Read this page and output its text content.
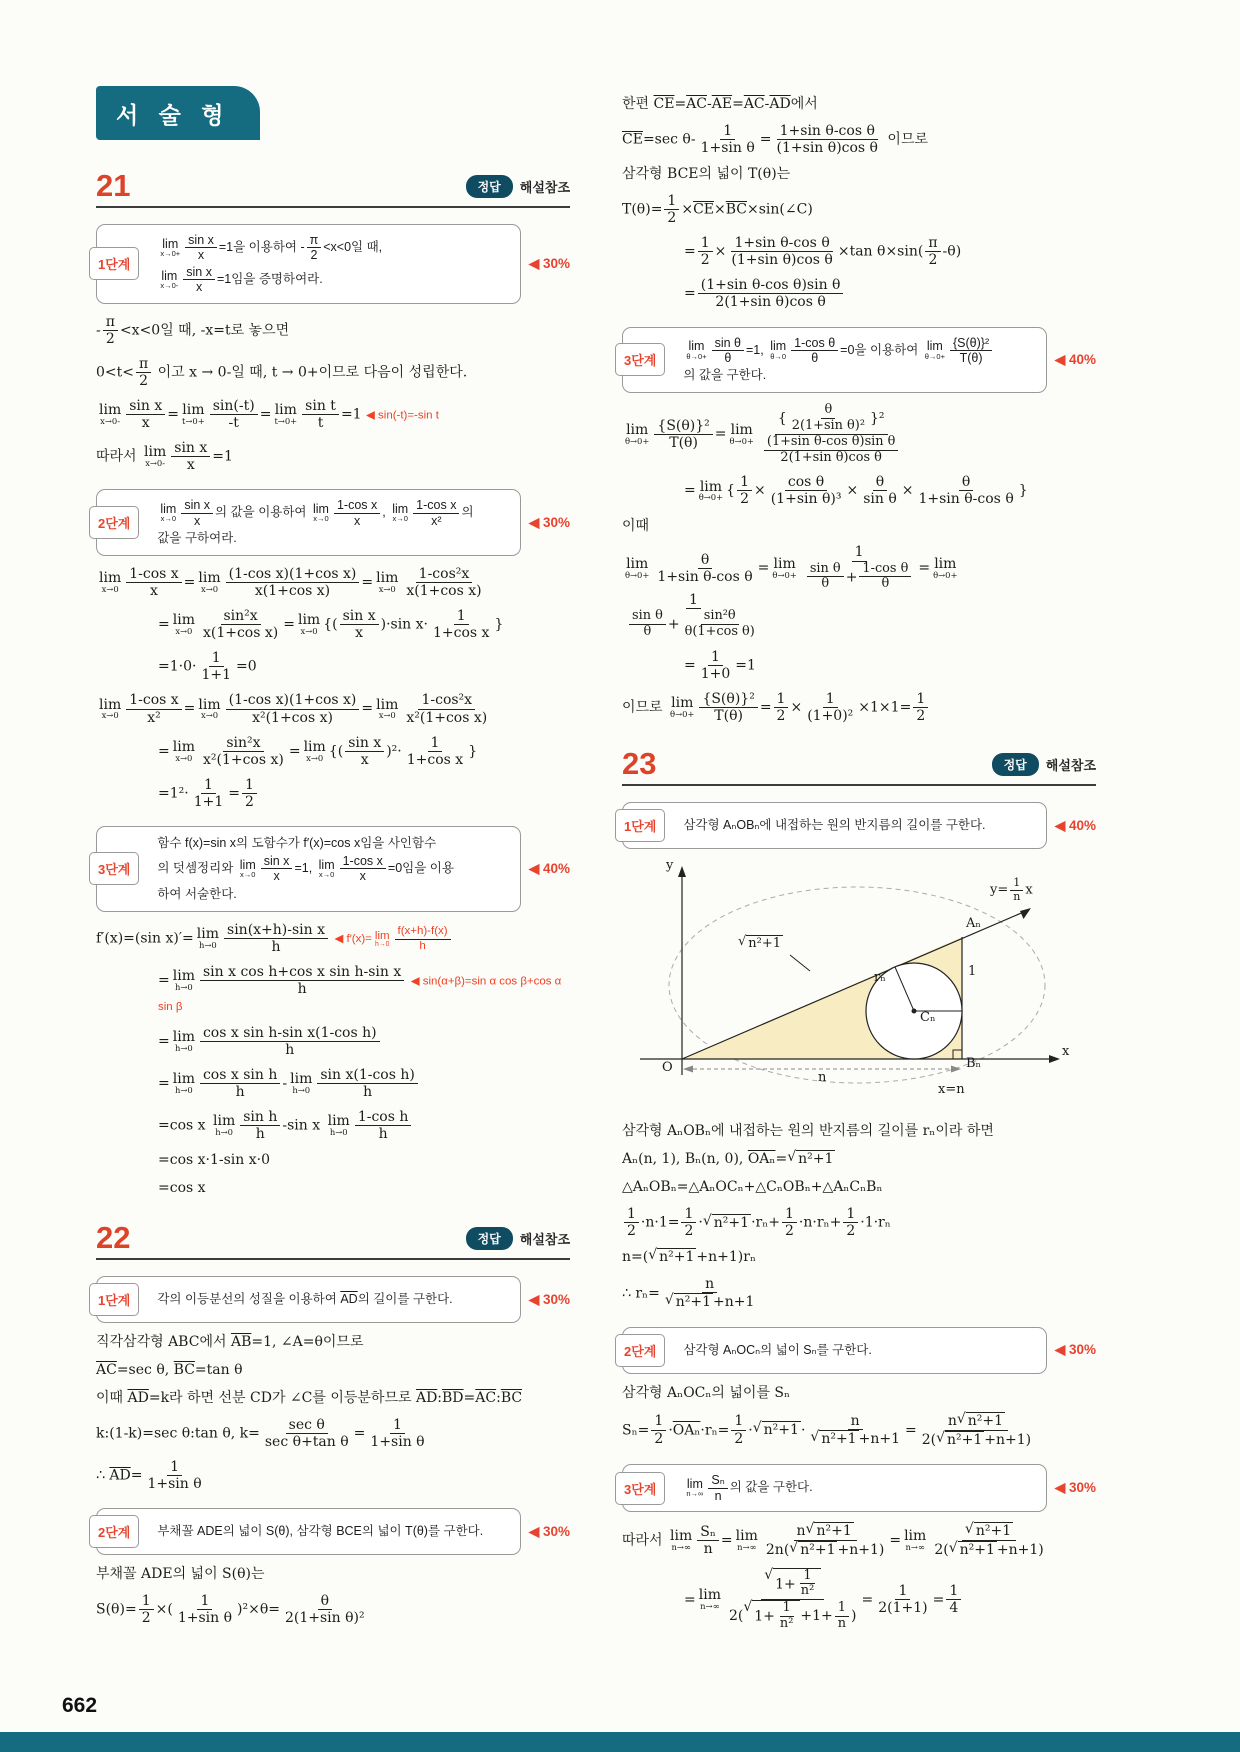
서 술 형
21	정답	해설참조
1단계
lim
$x\to 0+ \frac{\text{sin x}}{x} =1$을 이용하여 - $\frac{\pi}{2} <x<0$일 때,
lim
$x\to 0- \frac{\text{sin x}}{x} =1$임을 증명하여라.
◀ 30%
- $\frac{\pi}{2} <x<0$일 때, -x=t로 놓으면
$0<t< \frac{\pi}{2}$ 이고 x → 0-일 때, t → 0+이므로 다음이 성립한다.
lim
$x\to 0- \frac{\text{sin x}}{x} = \lim$
$t\to 0+ \frac{\sin(-t)}{-t} = \lim$
$t\to 0+ \frac{\text{sin t}}{t} =1$ ◀ sin(-t)=-sin t
따라서 lim
$x\to 0- \frac{\text{sin x}}{x} =1$
2단계
lim
$x\to 0 \frac{\text{sin x}}{x}$ 의 값을 이용하여 lim
$x\to 0 \frac{\text{1-cos x}}{x}$ , lim
$x\to 0 \frac{\text{1-cos x}}{\text{x²}}$ 의
값을 구하여라.
◀ 30%
lim
$x\to 0 \frac{\text{1-cos x}}{x} = \lim$
$x\to 0 \frac{\text{(1-cos x)(1+cos x)}}{\text{x(1+cos x)}} = \lim$
$x\to 0 \frac{\text{1-cos²x}}{\text{x(1+cos x)}}$
= lim
$x\to 0 \frac{\text{sin²x}}{\text{x(1+cos x)}} = \lim$
x→0 {( $\frac{\text{sin x}}{x} )\cdot\sin$ $x\cdot \frac{1}{\text{1+cos x}}$ }
$=1\cdot 0\cdot \frac{1}{1+1} =0$
lim
$x\to 0 \frac{\text{1-cos x}}{\text{x²}} = \lim$
$x\to 0 \frac{\text{(1-cos x)(1+cos x)}}{\text{x²(1+cos x)}} = \lim$
$x\to 0 \frac{\text{1-cos²x}}{\text{x²(1+cos x)}}$
= lim
$x\to 0 \frac{\text{sin²x}}{\text{x²(1+cos x)}} = \lim$
x→0 {( $\frac{\text{sin x}}{x} )^2\cdot \frac{1}{\text{1+cos x}}$ }
$=1^2\cdot \frac{1}{1+1} = \frac{1}{2}$
3단계
함수 f(x)=sin x의 도함수가 f′(x)=cos x임을 사인함수
의 덧셈정리와 lim
$x\to 0 \frac{\text{sin x}}{x} =1$, lim
$x\to 0 \frac{\text{1-cos x}}{x} =0$임을 이용
하여 서술한다.
◀ 40%
f′(x)=(sin x)′= lim
$h\to 0 \frac{\text{sin(x+h)-sin x}}{h}$ ◀ f′(x)= lim
$h\to 0 \frac{f(x+h)-f(x)}{h}$
= lim
$h\to 0 \frac{\text{sin x cos h+cos x sin h-sin x}}{h}$ ◀ sin(α+β)=sin α cos β+cos α sin β
= lim
$h\to 0 \frac{\text{cos x sin h-sin x(1-cos h)}}{h}$
= lim
$h\to 0 \frac{\text{cos x sin h}}{h} - \lim$
$h\to 0 \frac{\text{sin x(1-cos h)}}{h}$
=cos x lim
$h\to 0 \frac{\text{sin h}}{h} -\sin$ x lim
$h\to 0 \frac{\text{1-cos h}}{h}$
=cos x·1-sin x·0
=cos x
22	정답	해설참조
1단계	각의 이등분선의 성질을 이용하여 $\overline{AD}$의 길이를 구한다.	◀ 30%
직각삼각형 ABC에서 $\overline{AB}=1$, ∠A=θ이므로
$\overline{AC}=\sec$ θ, $\overline{BC}=\tan$ θ
이때 $\overline{AD}=k$라 하면 선분 CD가 ∠C를 이등분하므로 $\overline{AD}:\overline{BD}=\overline{AC}:\overline{BC}$
k:(1-k)=sec θ:tan θ, $k= \frac{\text{sec θ}}{\text{sec θ+tan θ}} = \frac{1}{\text{1+sin θ}}$
∴ $\overline{AD}= \frac{1}{\text{1+sin θ}}$
2단계	부채꼴 ADE의 넓이 S(θ), 삼각형 BCE의 넓이 T(θ)를 구한다.	◀ 30%
부채꼴 ADE의 넓이 S(θ)는
$S(\theta)= \frac{1}{2}$ ×( $\frac{1}{\text{1+sin θ}} )^2\times\theta= \frac{\theta}{\text{2(1+sin θ)²}}$
한편 $\overline{CE}=\overline{AC}-\overline{AE}=\overline{AC}-\overline{AD}$에서
$\overline{CE}=\sec$ $\theta- \frac{1}{\text{1+sin θ}} = \frac{\text{1+sin θ-cos θ}}{\text{(1+sin θ)cos θ}}$ 이므로
삼각형 BCE의 넓이 T(θ)는
$T(\theta)= \frac{1}{2}$ $\times\overline{CE}\times\overline{BC}\times\sin(\angle C)$
= $\frac{1}{2} \times \frac{\text{1+sin θ-cos θ}}{\text{(1+sin θ)cos θ}} \times\tan$ $\theta\times\sin( \frac{\pi}{2} -\theta)$
= $\frac{\text{(1+sin θ-cos θ)sin θ}}{\text{2(1+sin θ)cos θ}}$
3단계
lim
$\theta\to 0+ \frac{\text{sin θ}}{\theta} =1$, lim
$\theta\to 0 \frac{\text{1-cos θ}}{\theta} =0$을 이용하여 lim
$\theta\to 0+ \frac{\text{\{S(θ)\}²}}{T(\theta)}$
의 값을 구한다.
◀ 40%
lim
$\theta\to 0+ \frac{\text{\{S(θ)\}²}}{T(\theta)} = \lim$
$\theta\to 0+ \frac{\{ \frac{\theta}{\text{2(1+sin θ)²}} \}^2}{\frac{\text{(1+sin θ-cos θ)sin θ}}{\text{2(1+sin θ)cos θ}}}$
= lim
θ→0+ { $\frac{1}{2} \times \frac{\text{cos θ}}{\text{(1+sin θ)³}} \times \frac{\theta}{\text{sin θ}} \times \frac{\theta}{\text{1+sin θ-cos θ}}$ }
이때
lim
$\theta\to 0+ \frac{\theta}{\text{1+sin θ-cos θ}} = \lim$
$\theta\to 0+ \frac{1}{\frac{\text{sin θ}}{\theta} + \frac{\text{1-cos θ}}{\theta}} = \lim$
θ→0+
$\frac{1}{\frac{\text{sin θ}}{\theta} + \frac{\text{sin²θ}}{\text{θ(1+cos θ)}}}$
= $\frac{1}{1+0} =1$
이므로 lim
$\theta\to 0+ \frac{\text{\{S(θ)\}²}}{T(\theta)} = \frac{1}{2} \times \frac{1}{\text{(1+0)²}} \times 1\times 1= \frac{1}{2}$
23	정답	해설참조
1단계	삼각형 AₙOBₙ에 내접하는 원의 반지름의 길이를 구한다.	◀ 40%
y
$y= \frac{1}{n}$ x
Aₙ
√ n²+1
1
rₙ
Cₙ
x
O	Bₙ
n
x=n
삼각형 AₙOBₙ에 내접하는 원의 반지름의 길이를 rₙ이라 하면
Aₙ(n, 1), Bₙ(n, 0), $\overline{OA_n}=$ √ n²+1
△AₙOBₙ=△AₙOCₙ+△CₙOBₙ+△AₙCₙBₙ
$\frac{1}{2} \cdot n\cdot 1= \frac{1}{2}$ · √ $n^2+1 \cdot r_n+ \frac{1}{2} \cdot n\cdot r_n+ \frac{1}{2} \cdot 1\cdot r_n$
n=( √ n²+1 +n+1)rₙ
∴ $r_n= \frac{n}{\text{√ n²+1 +n+1}}$
2단계	삼각형 AₙOCₙ의 넓이 Sₙ를 구한다.	◀ 30%
삼각형 AₙOCₙ의 넓이를 Sₙ
$S_n= \frac{1}{2} \cdot\overline{OA_n}\cdot r_n= \frac{1}{2}$ · √ $n^2+1 \cdot \frac{n}{\text{√ n²+1 +n+1}} = \frac{\text{n √ n²+1}}{\text{2( √ n²+1 +n+1)}}$
3단계	lim
$n\to\infty \frac{\text{Sₙ}}{n}$ 의 값을 구한다.	◀ 30%
따라서 lim
$n\to\infty \frac{\text{Sₙ}}{n} = \lim$
$n\to\infty \frac{\text{n √ n²+1}}{\text{2n( √ n²+1 +n+1)}} = \lim$
$n\to\infty \frac{\text{√ n²+1}}{\text{2( √ n²+1 +n+1)}}$
= lim
n→∞ √
$1+ \frac{1}{\text{n²}}$
2(
√
$1+ \frac{1}{\text{n²}} +1+ \frac{1}{n}$ ) = $\frac{1}{2(1+1)} = \frac{1}{4}$
662
